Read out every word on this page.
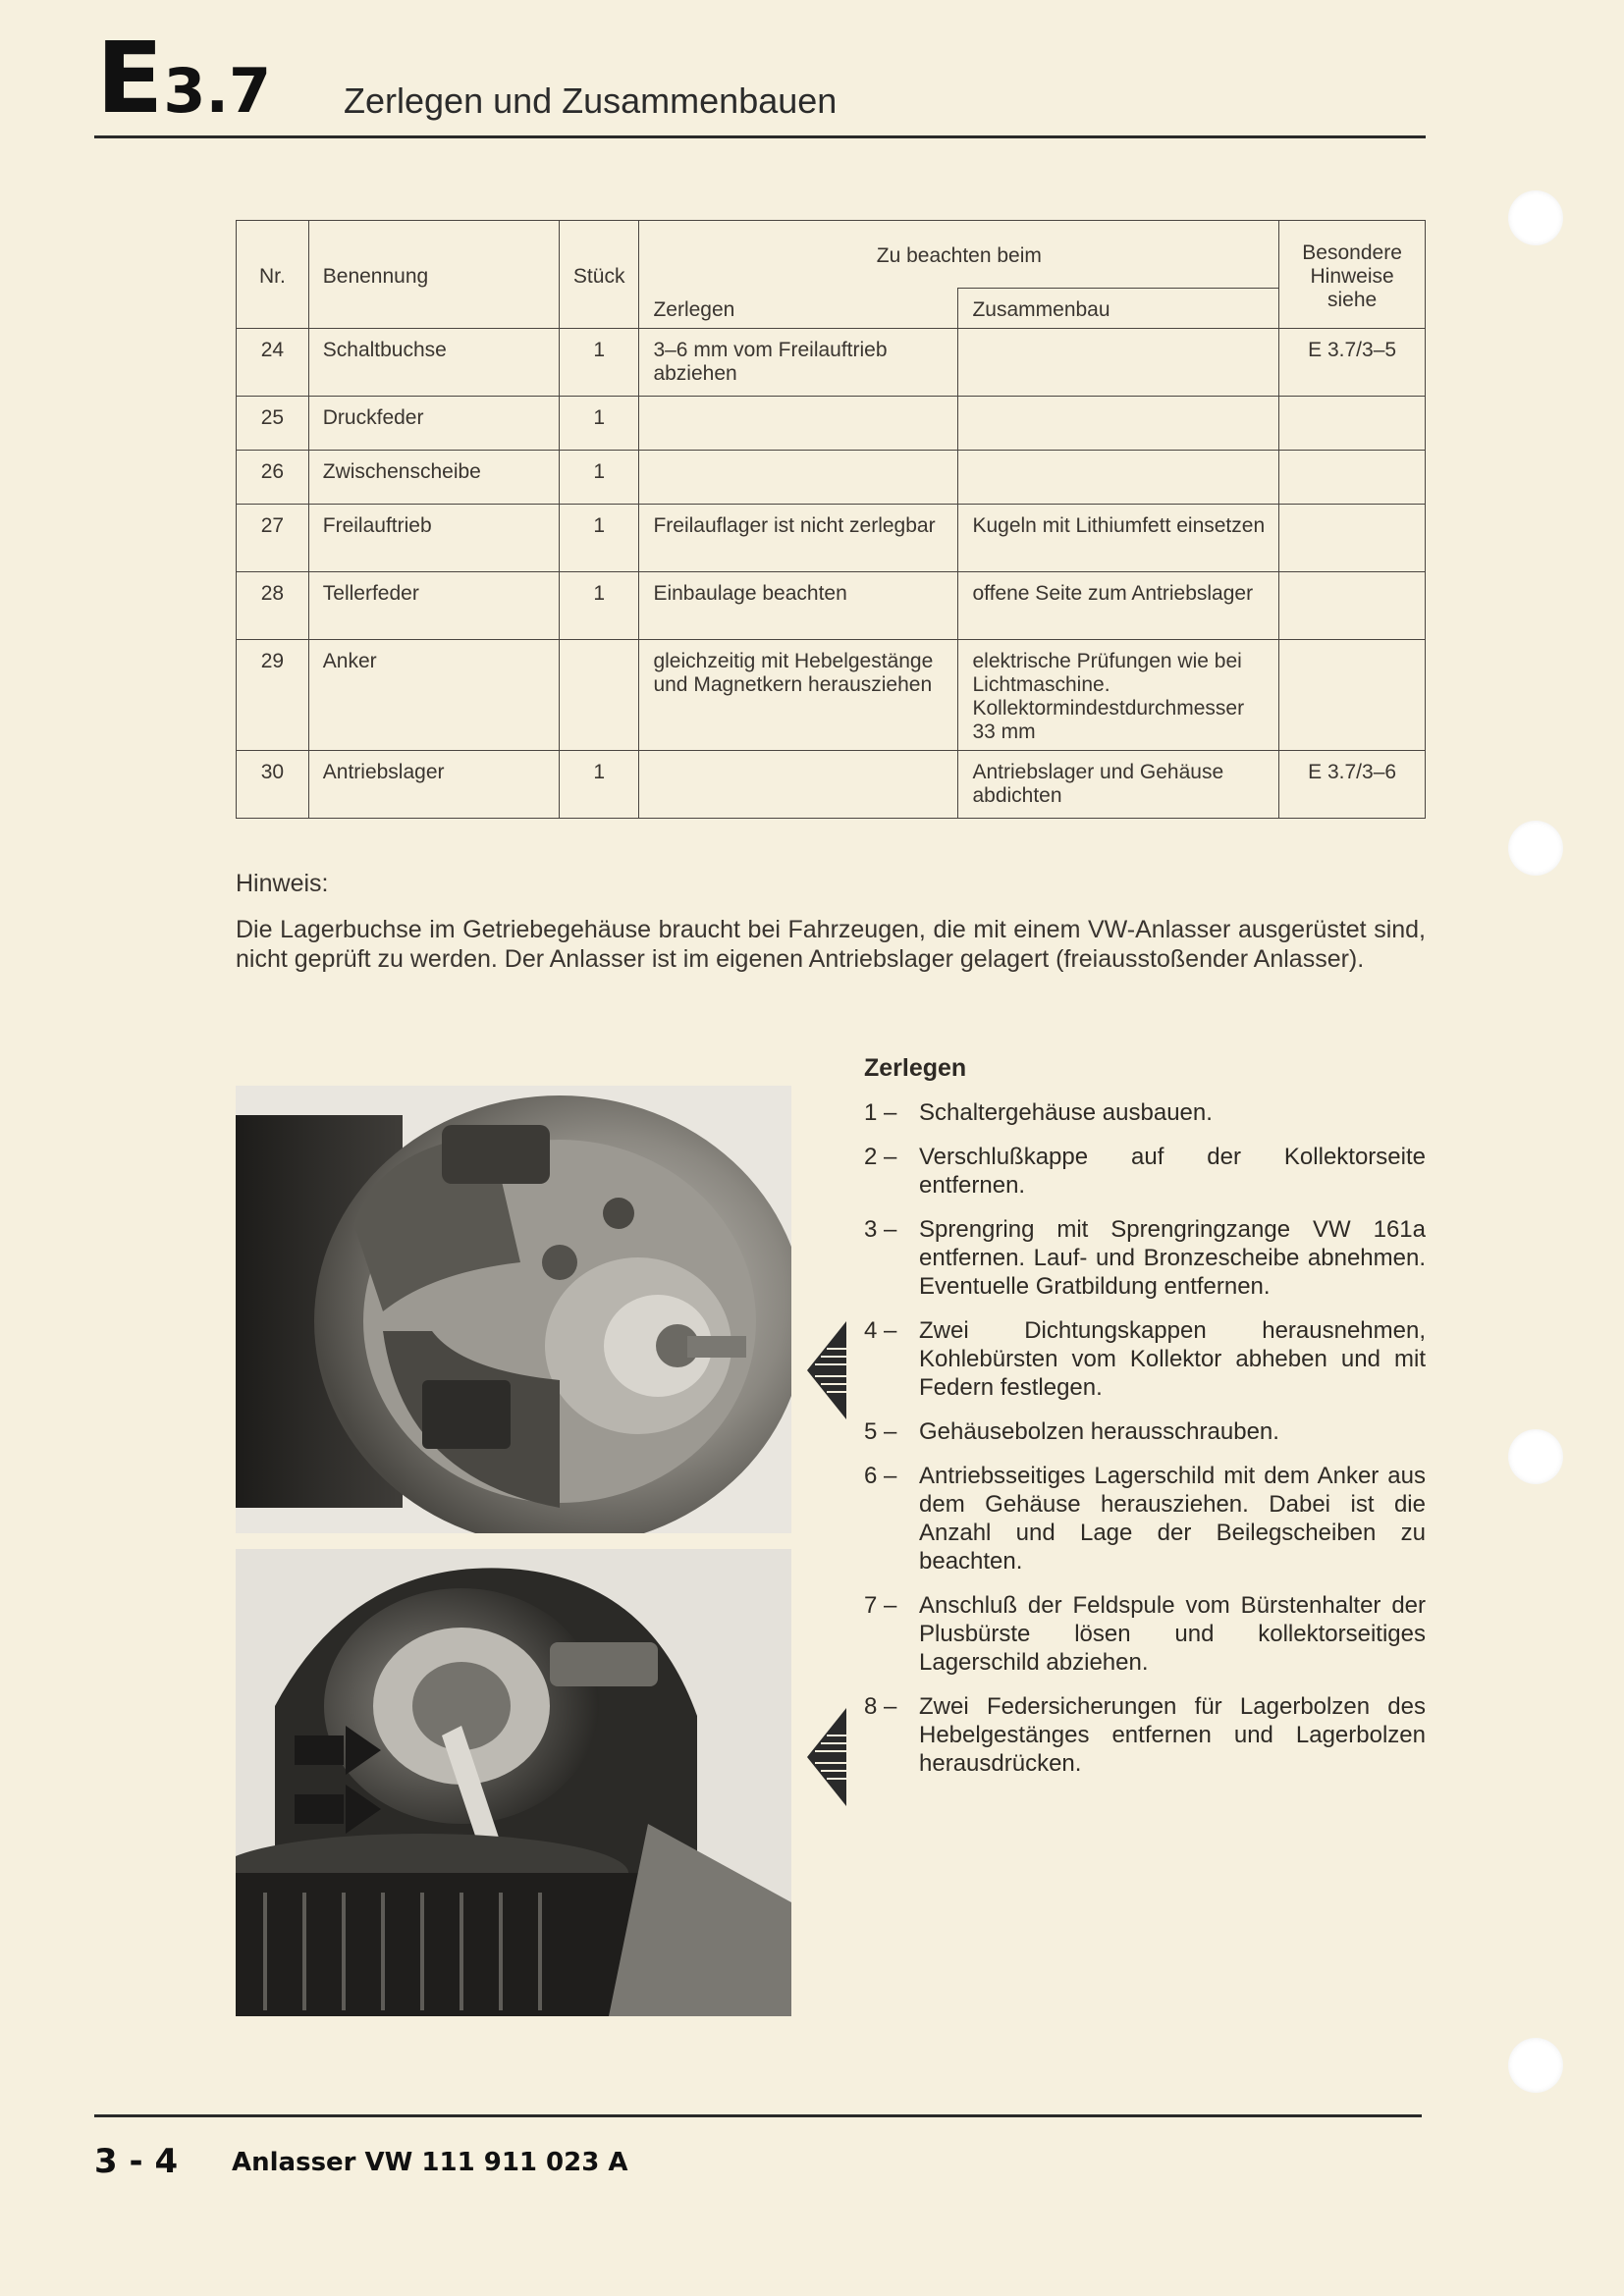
E3.7 Zerlegen und Zusammenbauen
Nr.	Benennung	Stück	Zu beachten beim		Besondere Hinweise siehe
			Zerlegen	Zusammenbau	
24	Schaltbuchse	1	3–6 mm vom Freilauftrieb abziehen		E 3.7/3–5
25	Druckfeder	1			
26	Zwischenscheibe	1			
27	Freilauftrieb	1	Freilauflager ist nicht zerlegbar	Kugeln mit Lithiumfett einsetzen	
28	Tellerfeder	1	Einbaulage beachten	offene Seite zum Antriebslager	
29	Anker		gleichzeitig mit Hebelgestänge und Magnetkern herausziehen	elektrische Prüfungen wie bei Lichtmaschine. Kollektormindestdurchmesser 33 mm	
30	Antriebslager	1		Antriebslager und Gehäuse abdichten	E 3.7/3–6
Hinweis:
Die Lagerbuchse im Getriebegehäuse braucht bei Fahrzeugen, die mit einem VW-Anlasser ausgerüstet sind, nicht geprüft zu werden. Der Anlasser ist im eigenen Antriebslager gelagert (freiausstoßender Anlasser).
Zerlegen
1 – Schaltergehäuse ausbauen.
2 – Verschlußkappe auf der Kollektorseite entfernen.
3 – Sprengring mit Sprengringzange VW 161a entfernen. Lauf- und Bronzescheibe abnehmen. Eventuelle Gratbildung entfernen.
4 – Zwei Dichtungskappen herausnehmen, Kohlebürsten vom Kollektor abheben und mit Federn festlegen.
5 – Gehäusebolzen herausschrauben.
6 – Antriebsseitiges Lagerschild mit dem Anker aus dem Gehäuse herausziehen. Dabei ist die Anzahl und Lage der Beilegscheiben zu beachten.
7 – Anschluß der Feldspule vom Bürstenhalter der Plusbürste lösen und kollektorseitiges Lagerschild abziehen.
8 – Zwei Federsicherungen für Lagerbolzen des Hebelgestänges entfernen und Lagerbolzen herausdrücken.
3 - 4 Anlasser VW 111 911 023 A
